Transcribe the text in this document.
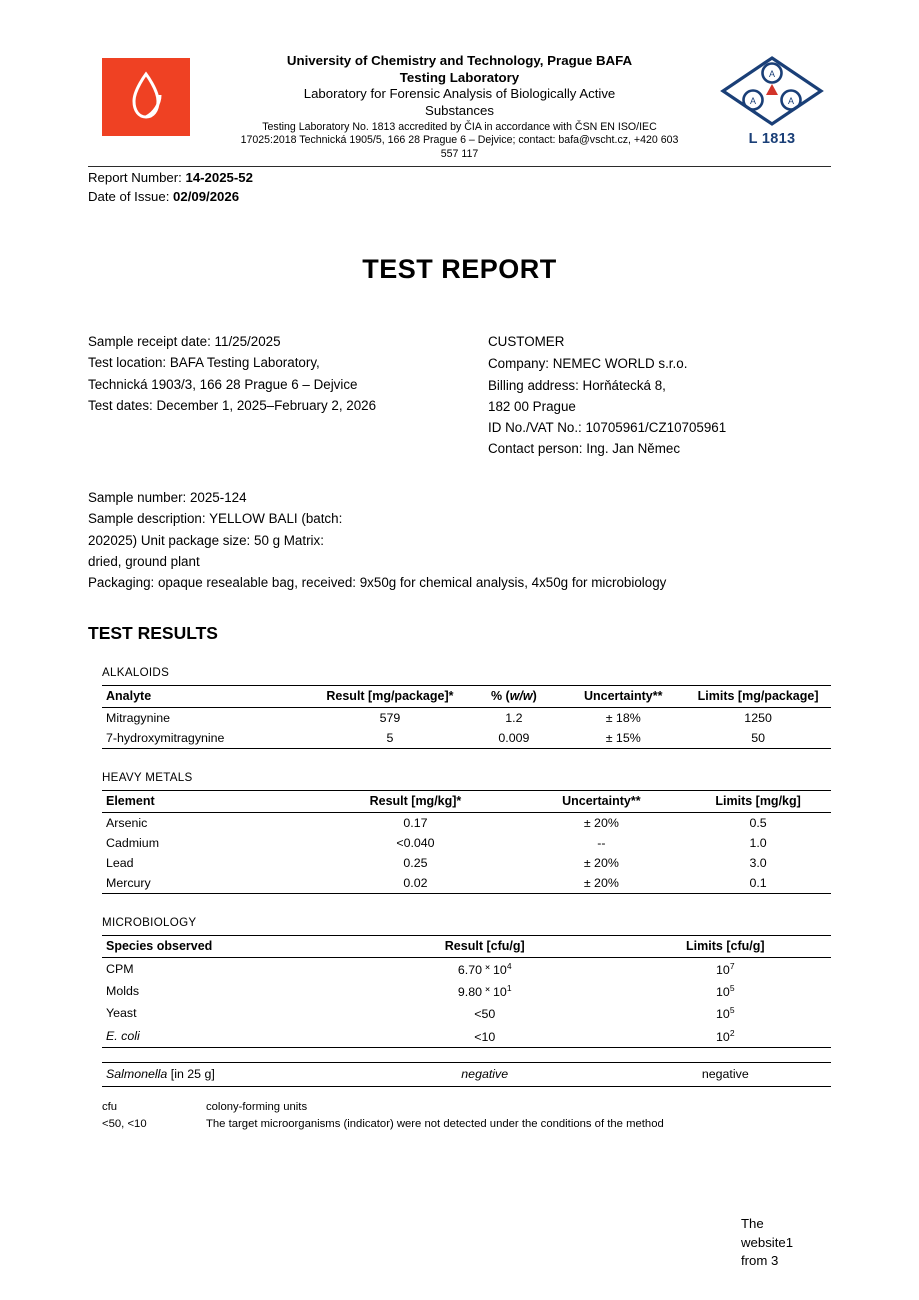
A
A	A
L 1813
University of Chemistry and Technology, Prague BAFA
Testing Laboratory
Laboratory for Forensic Analysis of Biologically Active
Substances
Testing Laboratory No. 1813 accredited by ČIA in accordance with ČSN EN ISO/IEC
17025:2018 Technická 1905/5, 166 28 Prague 6 – Dejvice; contact: bafa@vscht.cz, +420 603
557 117
Report Number: 14-2025-52
Date of Issue: 02/09/2026
TEST REPORT
Sample receipt date: 11/25/2025
Test location: BAFA Testing Laboratory,
Technická 1903/3, 166 28 Prague 6 – Dejvice
Test dates: December 1, 2025–February 2, 2026
CUSTOMER
Company: NEMEC WORLD s.r.o.
Billing address: Horňátecká 8,
182 00 Prague
ID No./VAT No.: 10705961/CZ10705961
Contact person: Ing. Jan Němec
Sample number: 2025-124
Sample description: YELLOW BALI (batch:
202025) Unit package size: 50 g Matrix:
dried, ground plant
Packaging: opaque resealable bag, received: 9x50g for chemical analysis, 4x50g for microbiology
TEST RESULTS
ALKALOIDS
Analyte	Result [mg/package]*	% (w/w)	Uncertainty**	Limits [mg/package]
Mitragynine	579	1.2	± 18%	1250
7-hydroxymitragynine	5	0.009	± 15%	50
HEAVY METALS
Element	Result [mg/kg]*	Uncertainty**	Limits [mg/kg]
Arsenic	0.17	± 20%	0.5
Cadmium	<0.040	--	1.0
Lead	0.25	± 20%	3.0
Mercury	0.02	± 20%	0.1
MICROBIOLOGY
Species observed	Result [cfu/g]	Limits [cfu/g]
CPM	6.70 ˟ $10^4$	$10^7$
Molds	9.80 ˟ $10^1$	$10^5$
Yeast	<50	$10^5$
E. coli	<10	$10^2$
Salmonella [in 25 g]	negative	negative
cfu	colony-forming units
<50, <10	The target microorganisms (indicator) were not detected under the conditions of the method
The
website1
from 3
